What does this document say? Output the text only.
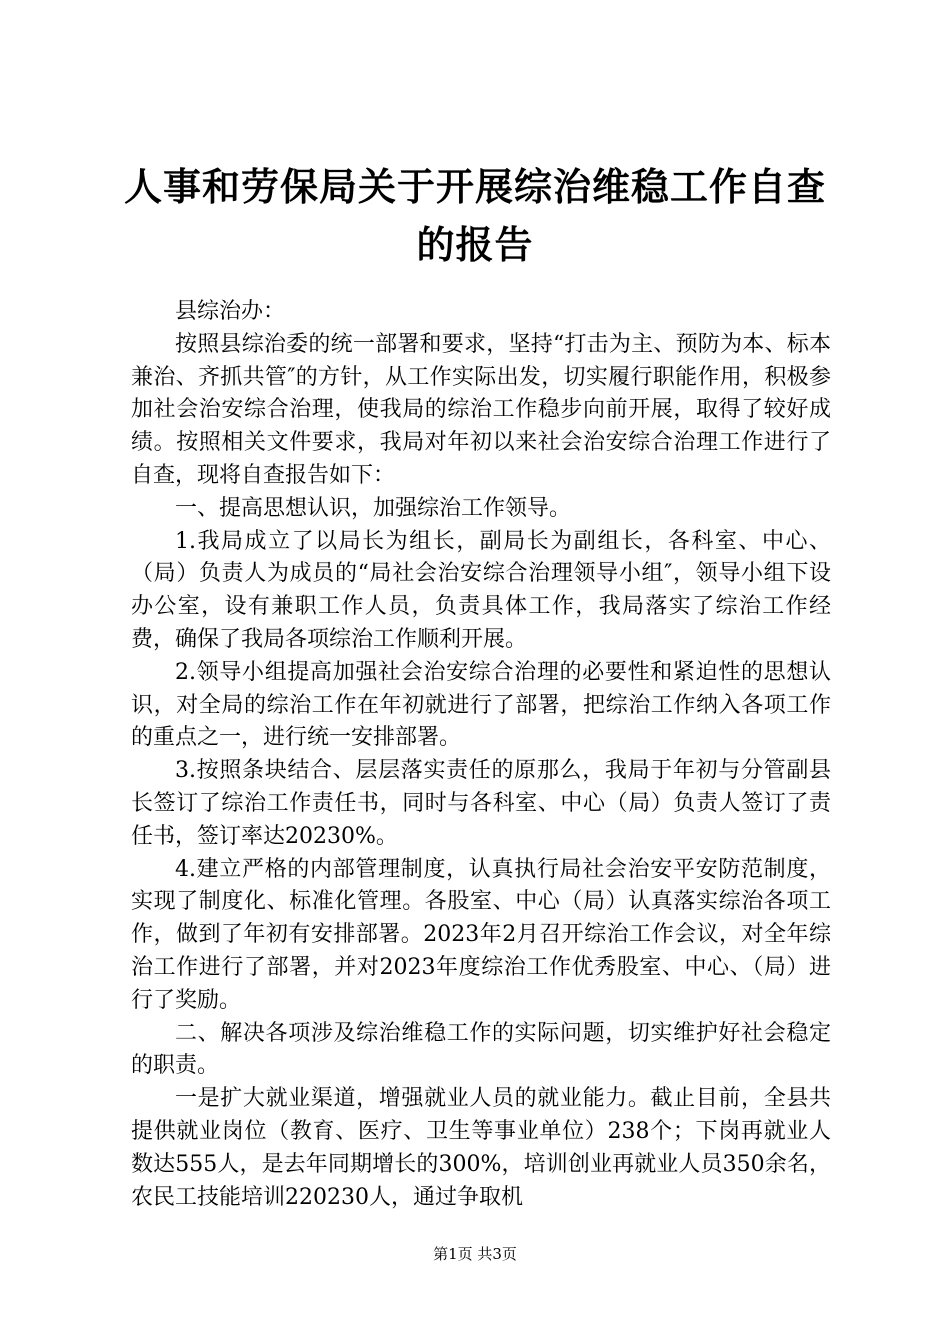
人事和劳保局关于开展综治维稳工作自查的报告

县综治办：

按照县综治委的统一部署和要求，坚持“打击为主、预防为本、标本兼治、齐抓共管″的方针，从工作实际出发，切实履行职能作用，积极参加社会治安综合治理，使我局的综治工作稳步向前开展，取得了较好成绩。按照相关文件要求，我局对年初以来社会治安综合治理工作进行了自查，现将自查报告如下：

一、提高思想认识，加强综治工作领导。

1.我局成立了以局长为组长，副局长为副组长，各科室、中心、（局）负责人为成员的“局社会治安综合治理领导小组″，领导小组下设办公室，设有兼职工作人员，负责具体工作，我局落实了综治工作经费，确保了我局各项综治工作顺利开展。

2.领导小组提高加强社会治安综合治理的必要性和紧迫性的思想认识，对全局的综治工作在年初就进行了部署，把综治工作纳入各项工作的重点之一，进行统一安排部署。

3.按照条块结合、层层落实责任的原那么，我局于年初与分管副县长签订了综治工作责任书，同时与各科室、中心（局）负责人签订了责任书，签订率达20230%。

4.建立严格的内部管理制度，认真执行局社会治安平安防范制度，实现了制度化、标准化管理。各股室、中心（局）认真落实综治各项工作，做到了年初有安排部署。2023年2月召开综治工作会议，对全年综治工作进行了部署，并对2023年度综治工作优秀股室、中心、（局）进行了奖励。

二、解决各项涉及综治维稳工作的实际问题，切实维护好社会稳定的职责。

一是扩大就业渠道，增强就业人员的就业能力。截止目前，全县共提供就业岗位（教育、医疗、卫生等事业单位）238个；下岗再就业人数达555人，是去年同期增长的300%，培训创业再就业人员350余名，农民工技能培训220230人，通过争取机

第1页 共3页
